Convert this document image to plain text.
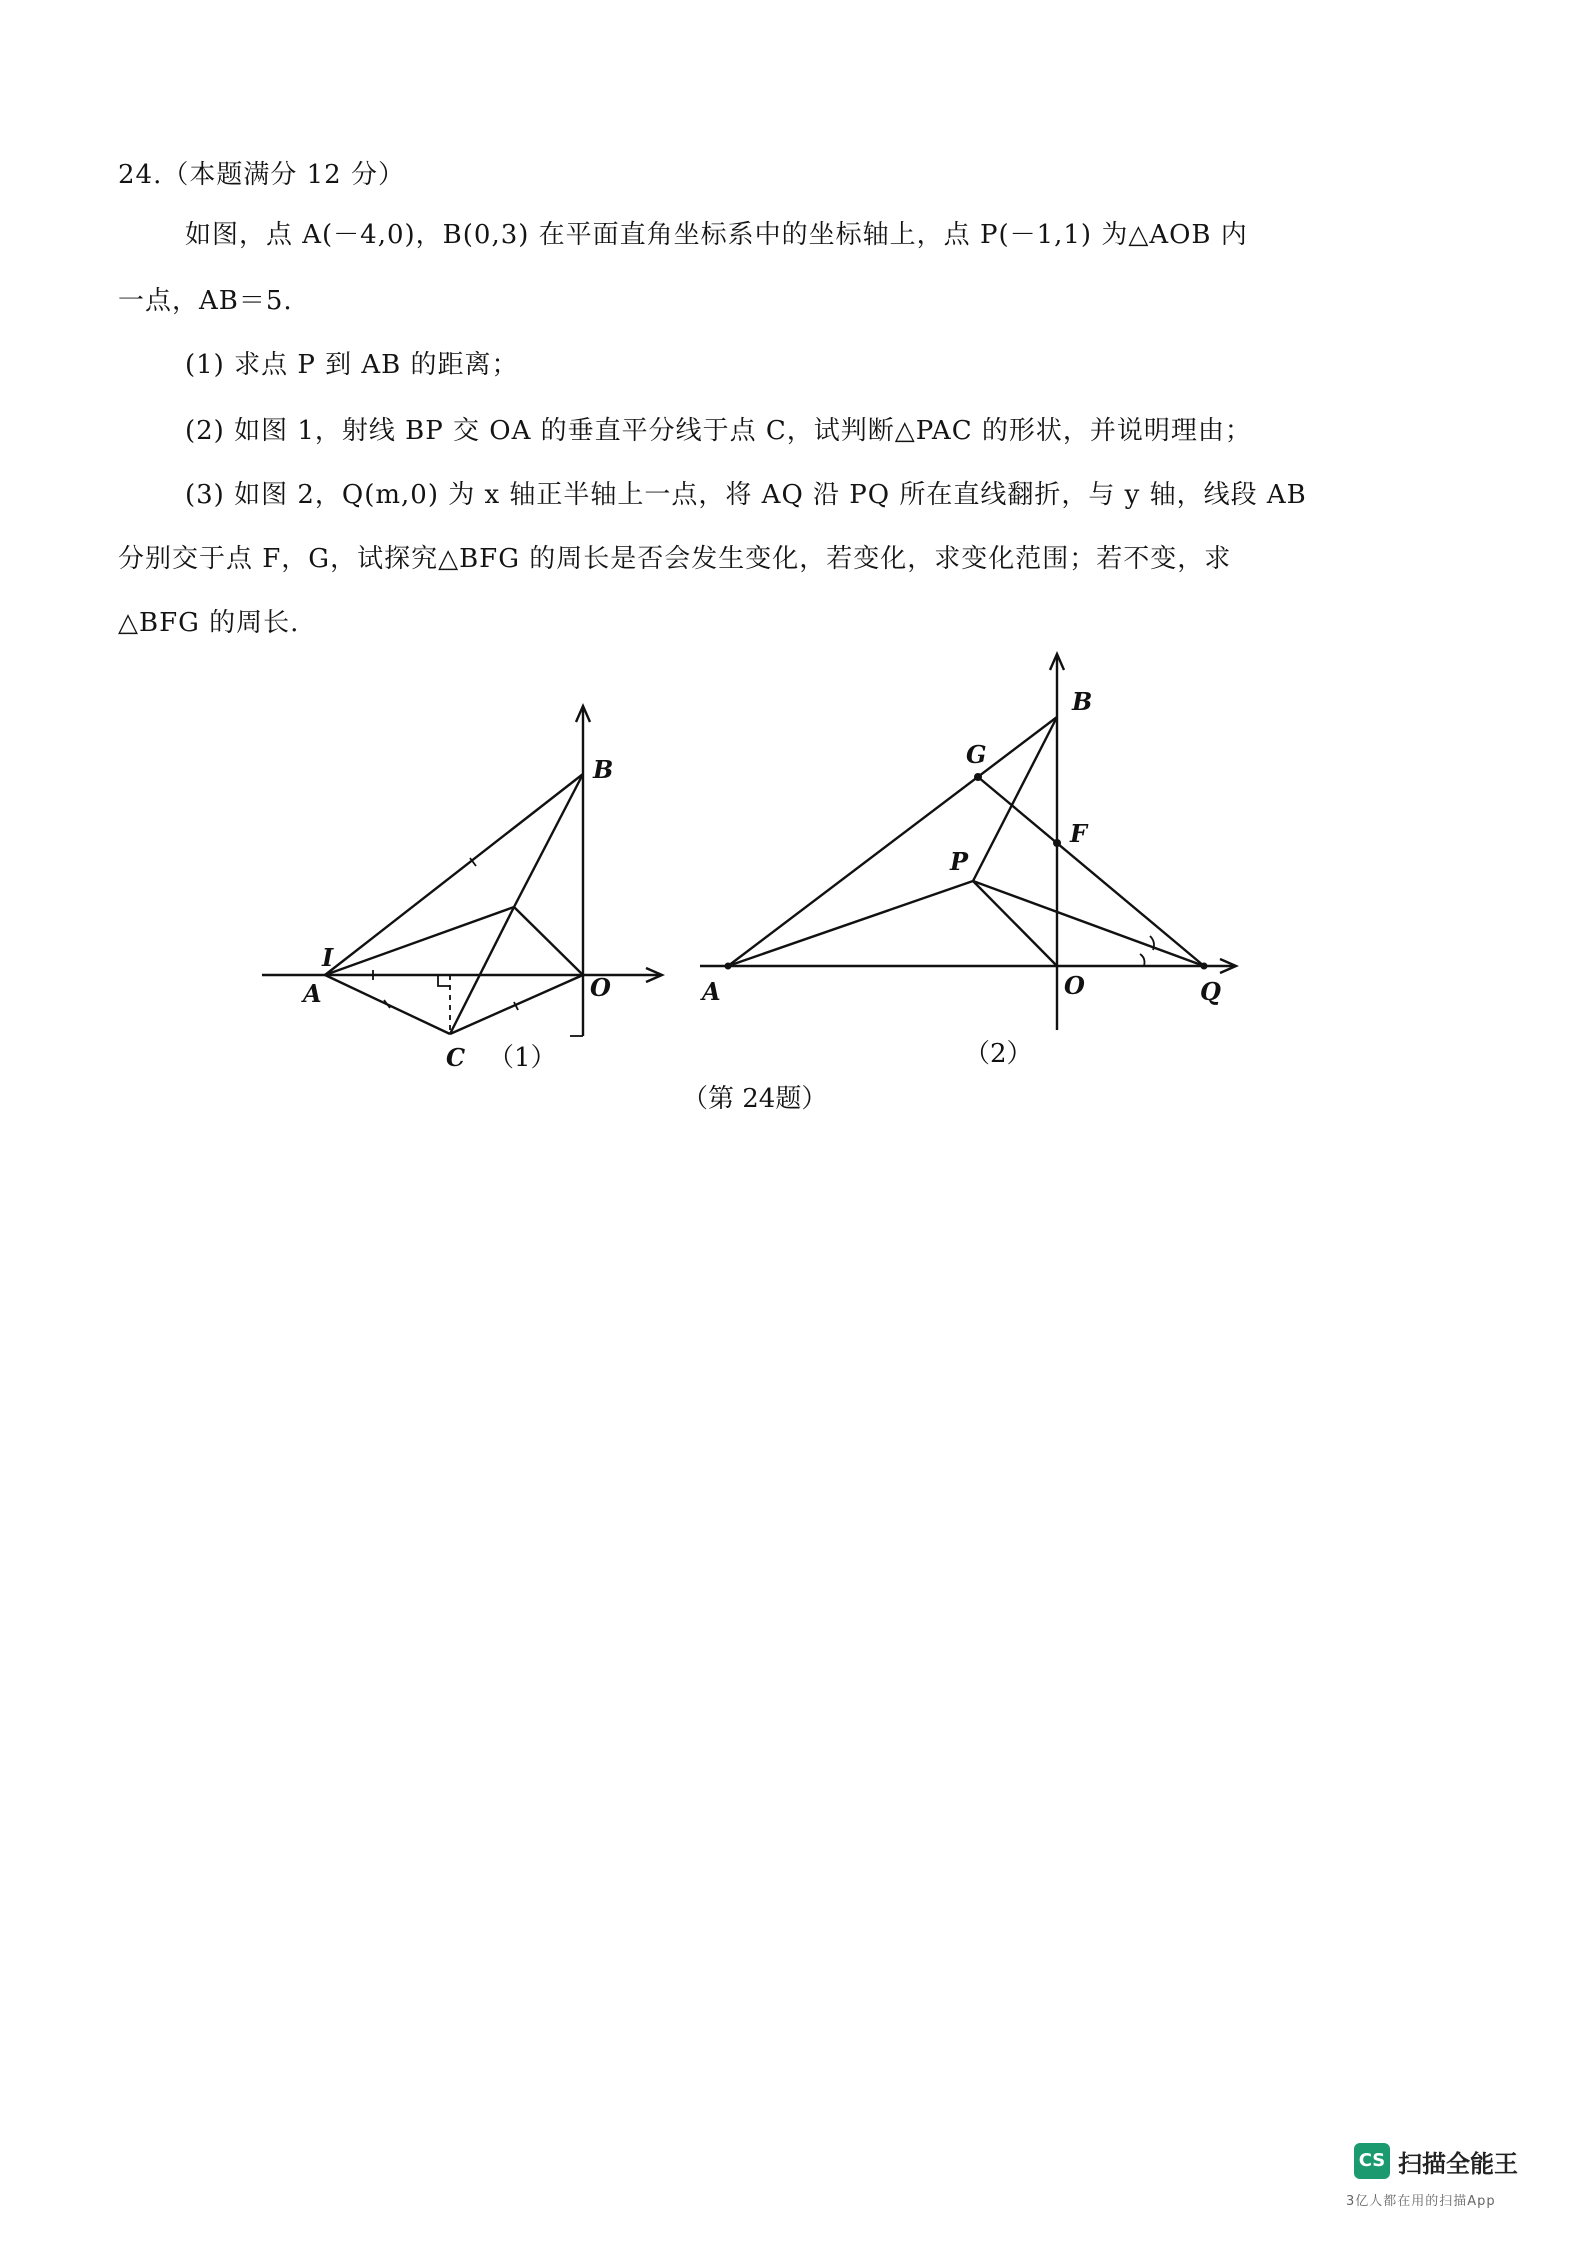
24.（本题满分 12 分）
如图，点 A(－4,0)，B(0,3) 在平面直角坐标系中的坐标轴上，点 P(－1,1) 为△AOB 内
一点，AB＝5.
(1) 求点 P 到 AB 的距离；
(2) 如图 1，射线 BP 交 OA 的垂直平分线于点 C，试判断△PAC 的形状，并说明理由；
(3) 如图 2，Q(m,0) 为 x 轴正半轴上一点，将 AQ 沿 PQ 所在直线翻折，与 y 轴，线段 AB
分别交于点 F，G，试探究△BFG 的周长是否会发生变化，若变化，求变化范围；若不变，求
△BFG 的周长.
A
I
B
O
C （1）
A
B
G
F
P
O	Q
（2）
（第 24题）
CS 扫描全能王
3亿人都在用的扫描App
